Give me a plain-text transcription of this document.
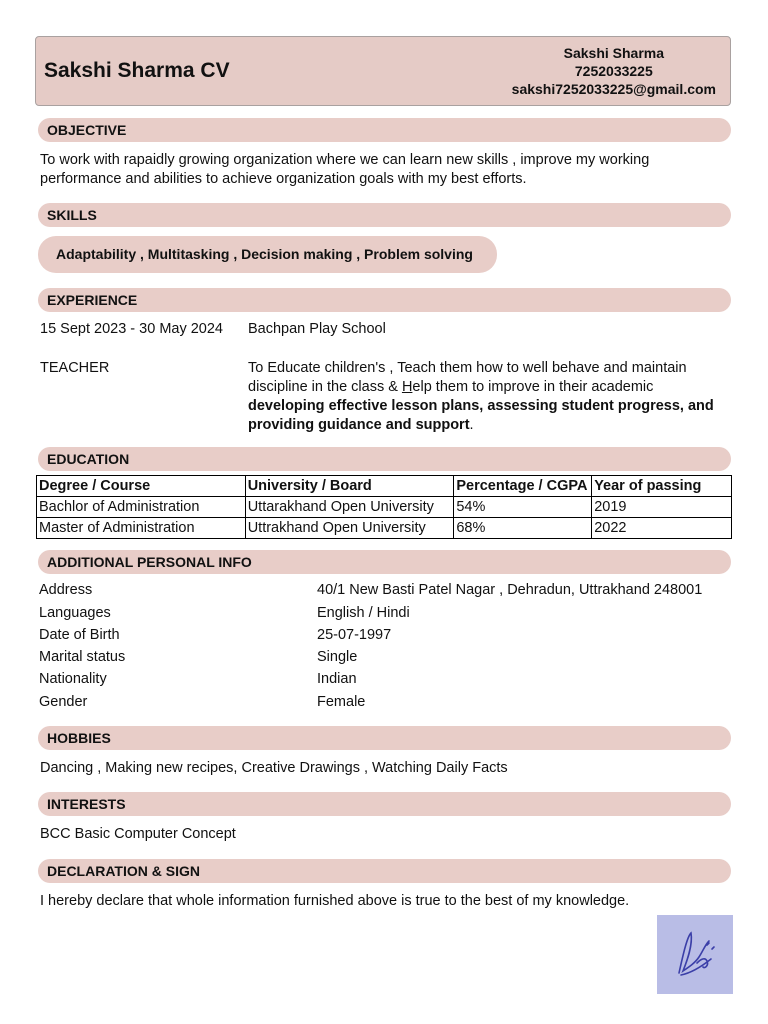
Sakshi Sharma CV
Sakshi Sharma
7252033225
sakshi7252033225@gmail.com
OBJECTIVE
To work with rapaidly growing organization where we can learn new skills , improve my working
performance and abilities to achieve organization goals with my best efforts.
SKILLS
Adaptability , Multitasking , Decision making , Problem solving
EXPERIENCE
15 Sept 2023 - 30 May 2024 Bachpan Play School
TEACHER	To Educate children's , Teach them how to well behave and maintain
discipline in the class & Help them to improve in their academic
developing effective lesson plans, assessing student progress, and
providing guidance and support.
EDUCATION
Degree / Course	University / Board	Percentage / CGPA	Year of passing
Bachlor of Administration	Uttarakhand Open University	54%	2019
Master of Administration	Uttrakhand Open University	68%	2022
ADDITIONAL PERSONAL INFO
Address	40/1 New Basti Patel Nagar , Dehradun, Uttrakhand 248001
Languages	English / Hindi
Date of Birth	25-07-1997
Marital status	Single
Nationality	Indian
Gender	Female
HOBBIES
Dancing , Making new recipes, Creative Drawings , Watching Daily Facts
INTERESTS
BCC Basic Computer Concept
DECLARATION & SIGN
I hereby declare that whole information furnished above is true to the best of my knowledge.
